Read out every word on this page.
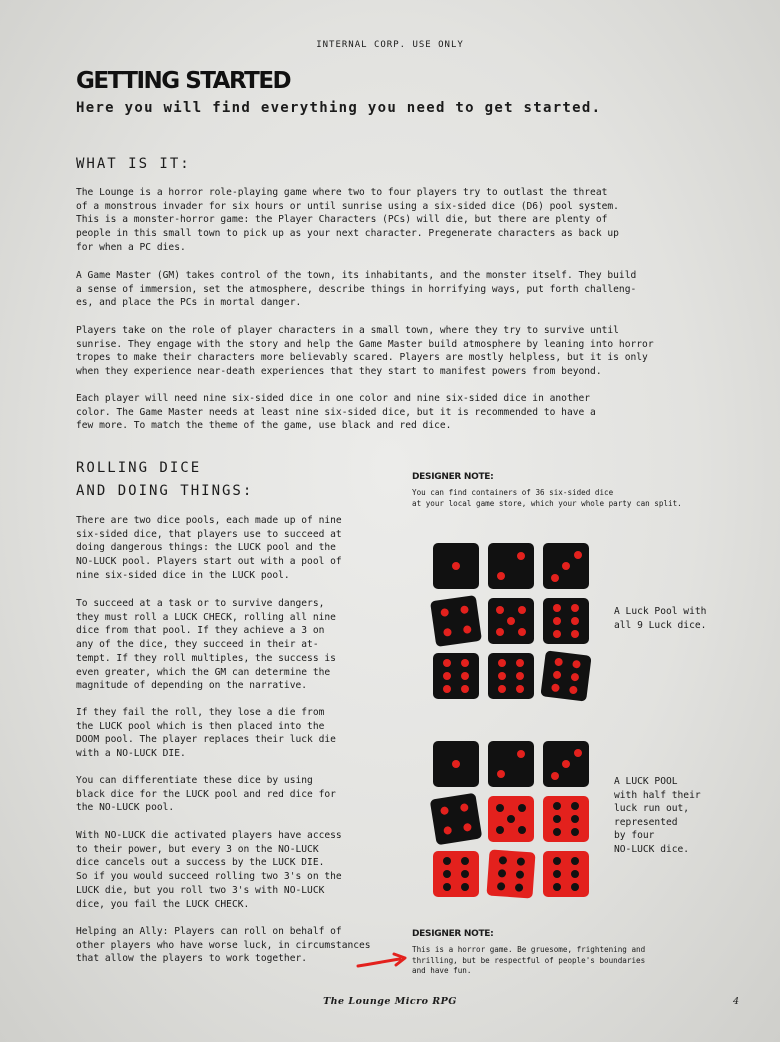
INTERNAL CORP. USE ONLY
GETTING STARTED
Here you will find everything you need to get started.
WHAT IS IT:
The Lounge is a horror role-playing game where two to four players try to outlast the threat
of a monstrous invader for six hours or until sunrise using a six-sided dice (D6) pool system.
This is a monster-horror game: the Player Characters (PCs) will die, but there are plenty of
people in this small town to pick up as your next character. Pregenerate characters as back up
for when a PC dies.
A Game Master (GM) takes control of the town, its inhabitants, and the monster itself. They build
a sense of immersion, set the atmosphere, describe things in horrifying ways, put forth challeng-
es, and place the PCs in mortal danger.
Players take on the role of player characters in a small town, where they try to survive until
sunrise. They engage with the story and help the Game Master build atmosphere by leaning into horror
tropes to make their characters more believably scared. Players are mostly helpless, but it is only
when they experience near-death experiences that they start to manifest powers from beyond.
Each player will need nine six-sided dice in one color and nine six-sided dice in another
color. The Game Master needs at least nine six-sided dice, but it is recommended to have a
few more. To match the theme of the game, use black and red dice.
ROLLING DICE
AND DOING THINGS:
There are two dice pools, each made up of nine
six-sided dice, that players use to succeed at
doing dangerous things: the LUCK pool and the
NO-LUCK pool. Players start out with a pool of
nine six-sided dice in the LUCK pool.
To succeed at a task or to survive dangers,
they must roll a LUCK CHECK, rolling all nine
dice from that pool. If they achieve a 3 on
any of the dice, they succeed in their at-
tempt. If they roll multiples, the success is
even greater, which the GM can determine the
magnitude of depending on the narrative.
If they fail the roll, they lose a die from
the LUCK pool which is then placed into the
DOOM pool. The player replaces their luck die
with a NO-LUCK DIE.
You can differentiate these dice by using
black dice for the LUCK pool and red dice for
the NO-LUCK pool.
With NO-LUCK die activated players have access
to their power, but every 3 on the NO-LUCK
dice cancels out a success by the LUCK DIE.
So if you would succeed rolling two 3's on the
LUCK die, but you roll two 3's with NO-LUCK
dice, you fail the LUCK CHECK.
Helping an Ally: Players can roll on behalf of
other players who have worse luck, in circumstances
that allow the players to work together.
DESIGNER NOTE:
You can find containers of 36 six-sided dice
at your local game store, which your whole party can split.
DESIGNER NOTE:
This is a horror game. Be gruesome, frightening and
thrilling, but be respectful of people's boundaries
and have fun.
A Luck Pool with
all 9 Luck dice.
A LUCK POOL
with half their
luck run out,
represented
by four
NO-LUCK dice.
The Lounge Micro RPG	4
